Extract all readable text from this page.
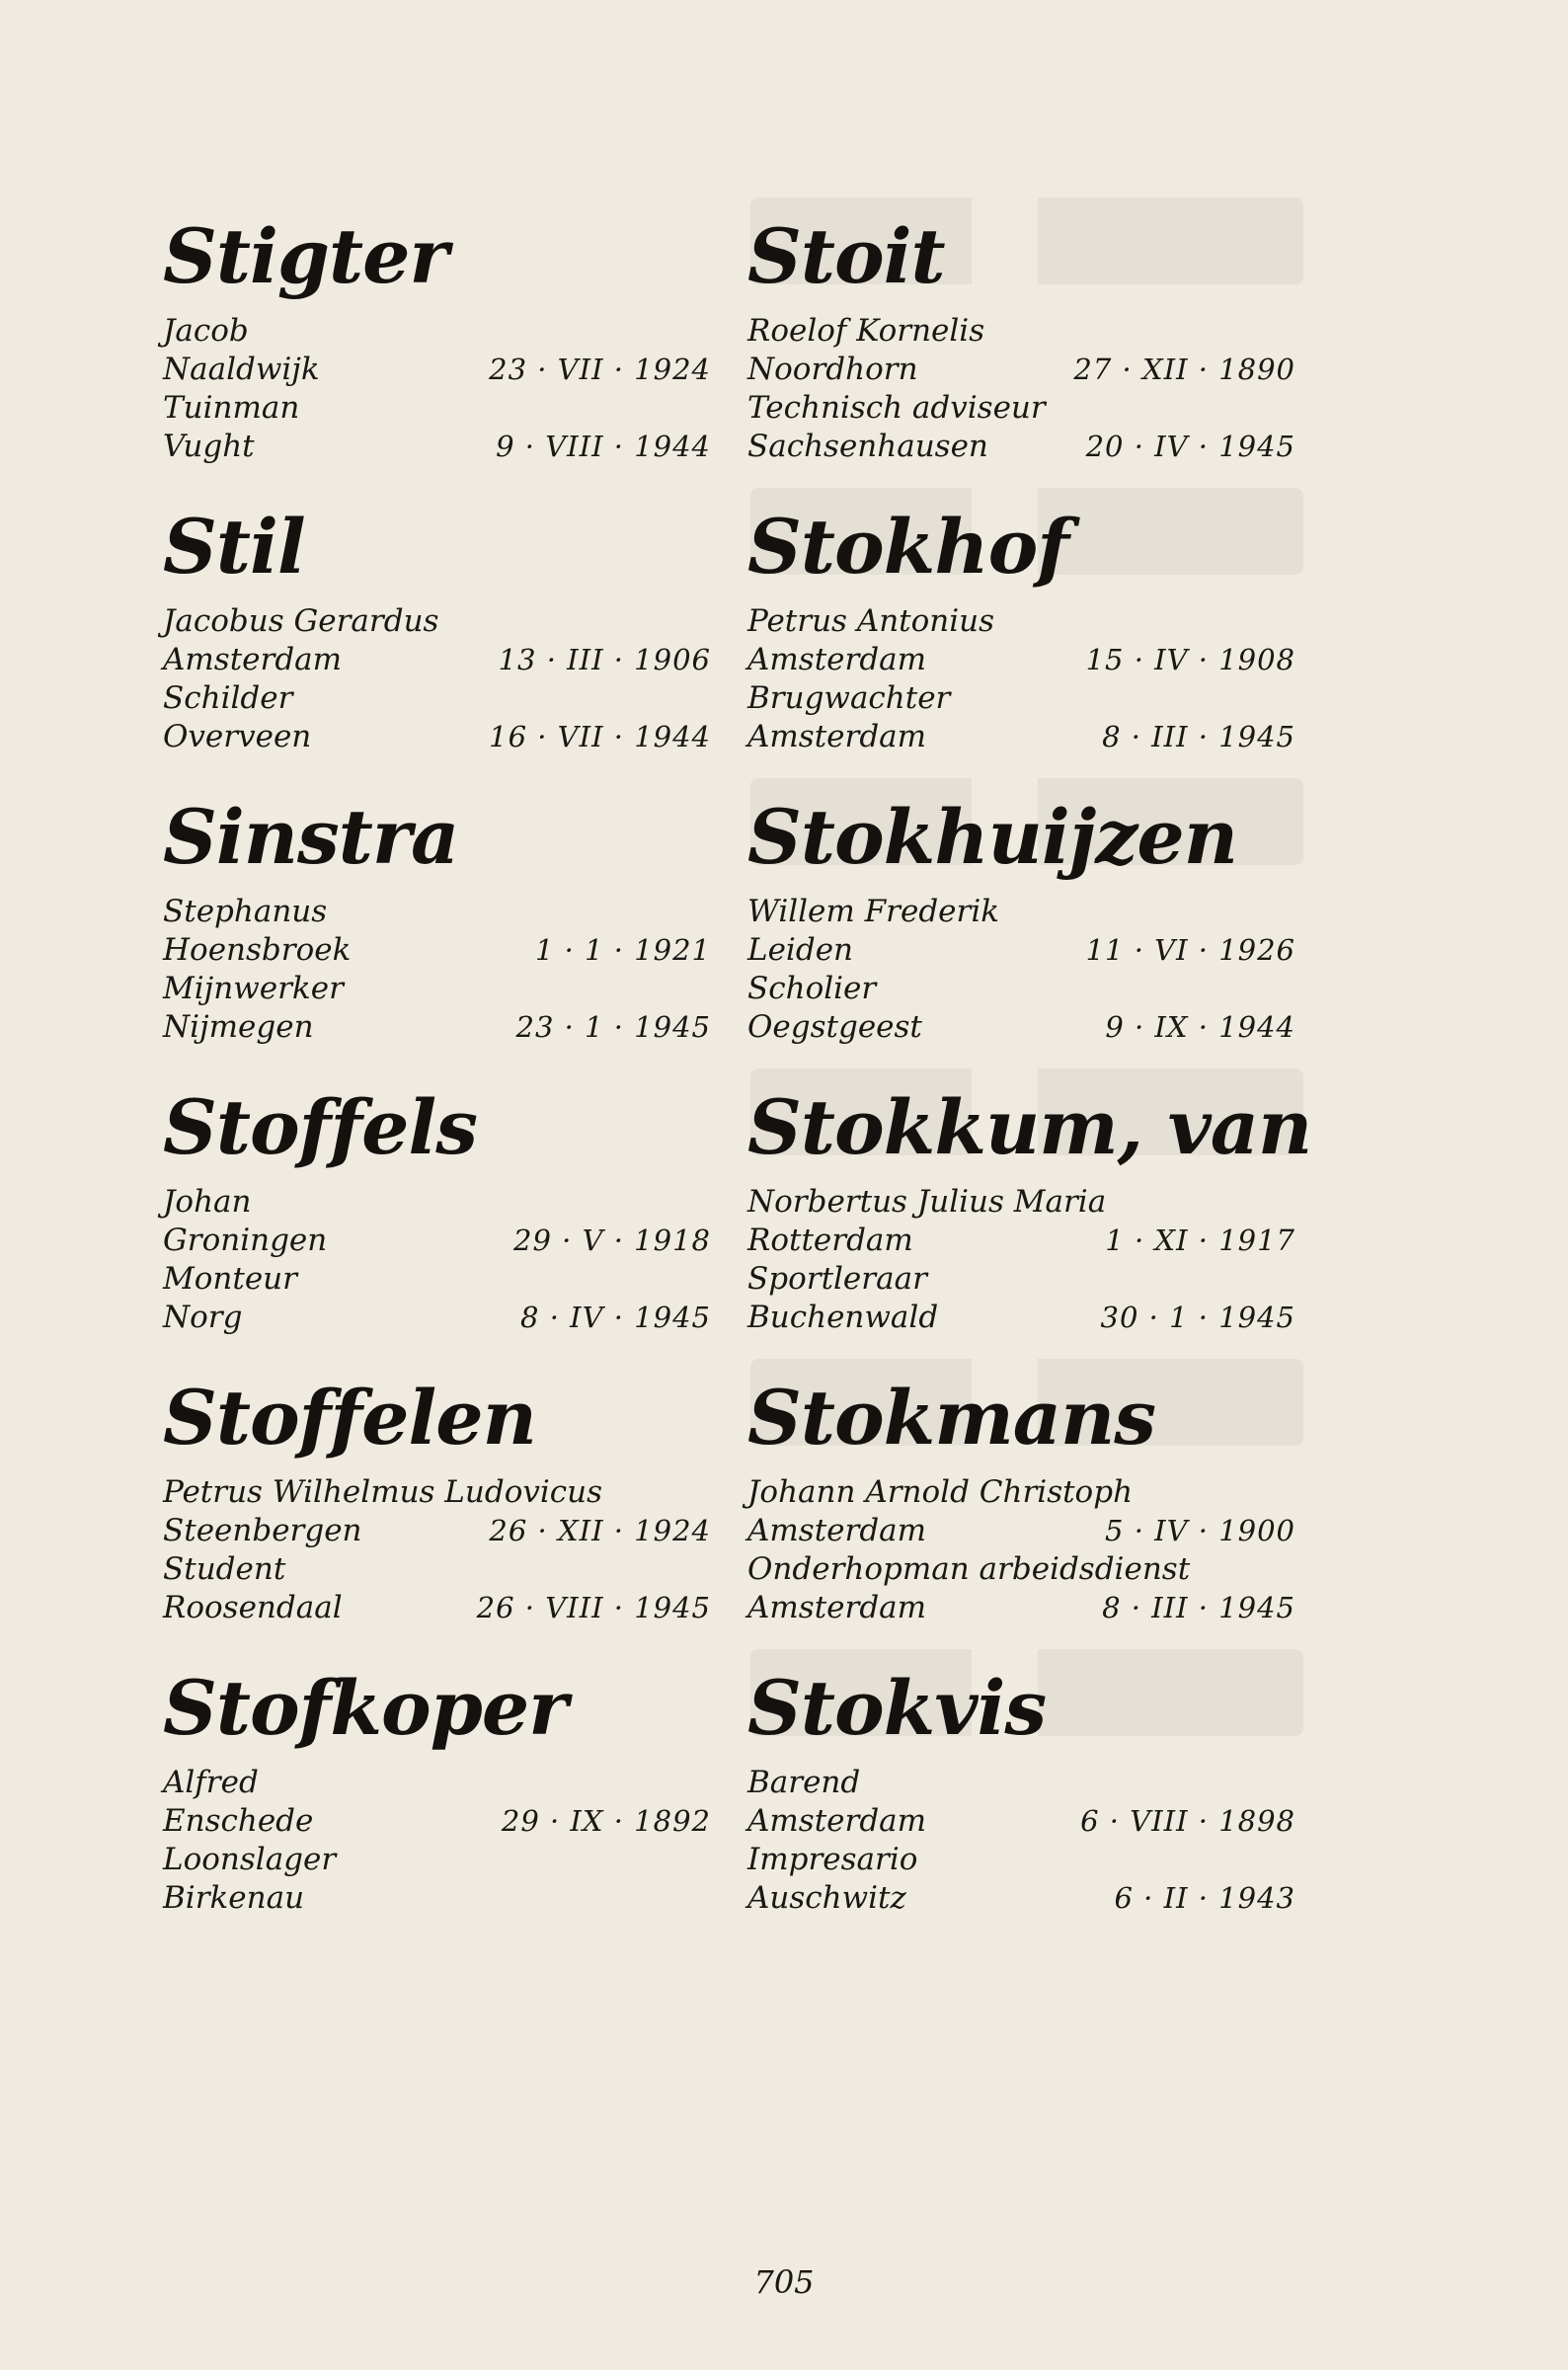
Stigter
Jacob
Naaldwijk	23 · VII · 1924
Tuinman
Vught	9 · VIII · 1944
Stil
Jacobus Gerardus
Amsterdam	13 · III · 1906
Schilder
Overveen	16 · VII · 1944
Sinstra
Stephanus
Hoensbroek	1 · 1 · 1921
Mijnwerker
Nijmegen	23 · 1 · 1945
Stoffels
Johan
Groningen	29 · V · 1918
Monteur
Norg	8 · IV · 1945
Stoffelen
Petrus Wilhelmus Ludovicus
Steenbergen	26 · XII · 1924
Student
Roosendaal	26 · VIII · 1945
Stofkoper
Alfred
Enschede	29 · IX · 1892
Loonslager
Birkenau
Stoit
Roelof Kornelis
Noordhorn	27 · XII · 1890
Technisch adviseur
Sachsenhausen	20 · IV · 1945
Stokhof
Petrus Antonius
Amsterdam	15 · IV · 1908
Brugwachter
Amsterdam	8 · III · 1945
Stokhuijzen
Willem Frederik
Leiden	11 · VI · 1926
Scholier
Oegstgeest	9 · IX · 1944
Stokkum, van
Norbertus Julius Maria
Rotterdam	1 · XI · 1917
Sportleraar
Buchenwald	30 · 1 · 1945
Stokmans
Johann Arnold Christoph
Amsterdam	5 · IV · 1900
Onderhopman arbeidsdienst
Amsterdam	8 · III · 1945
Stokvis
Barend
Amsterdam	6 · VIII · 1898
Impresario
Auschwitz	6 · II · 1943
705
